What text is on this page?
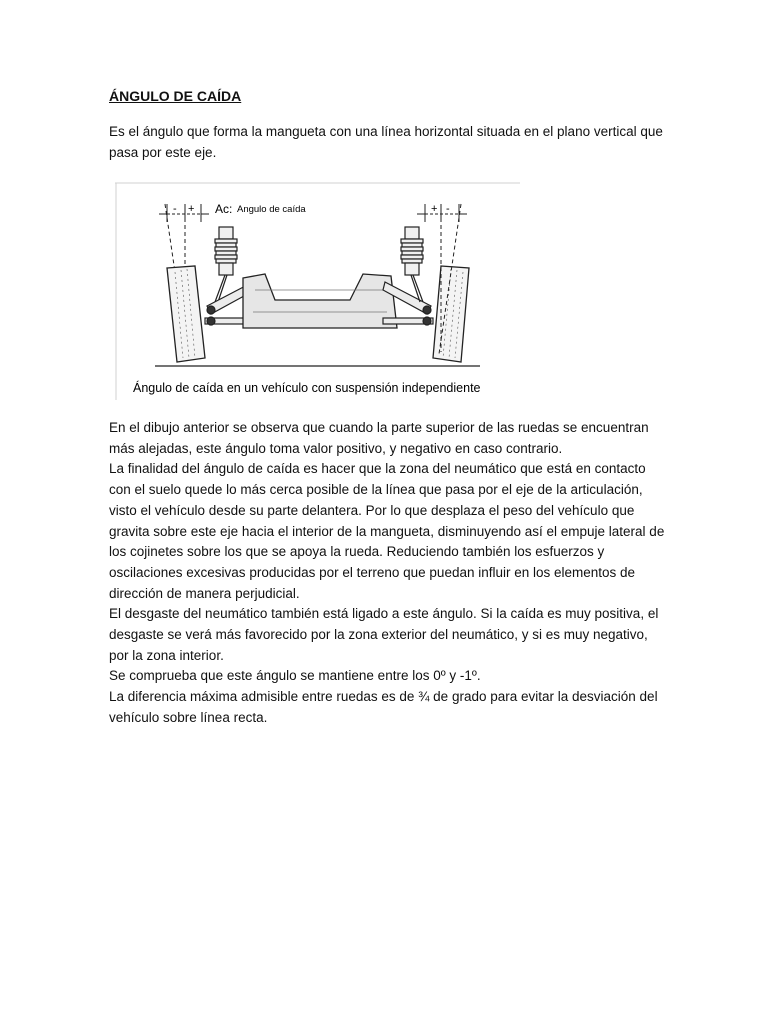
ÁNGULO DE CAÍDA

Es el ángulo que forma la mangueta con una línea horizontal situada en el plano vertical que pasa por este eje.

- +	+ -
Ac: Angulo de caída
Ángulo de caída en un vehículo con suspensión independiente

En el dibujo anterior se observa que cuando la parte superior de las ruedas se encuentran más alejadas, este ángulo toma valor positivo, y negativo en caso contrario.

La finalidad del ángulo de caída es hacer que la zona del neumático que está en contacto con el suelo quede lo más cerca posible de la línea que pasa por el eje de la articulación, visto el vehículo desde su parte delantera. Por lo que desplaza el peso del vehículo que gravita sobre este eje hacia el interior de la mangueta, disminuyendo así el empuje lateral de los cojinetes sobre los que se apoya la rueda. Reduciendo también los esfuerzos y oscilaciones excesivas producidas por el terreno que puedan influir en los elementos de dirección de manera perjudicial.

El desgaste del neumático también está ligado a este ángulo. Si la caída es muy positiva, el desgaste se verá más favorecido por la zona exterior del neumático, y si es muy negativo, por la zona interior.

Se comprueba que este ángulo se mantiene entre los 0º y -1º.

La diferencia máxima admisible entre ruedas es de ¾ de grado para evitar la desviación del vehículo sobre línea recta.
